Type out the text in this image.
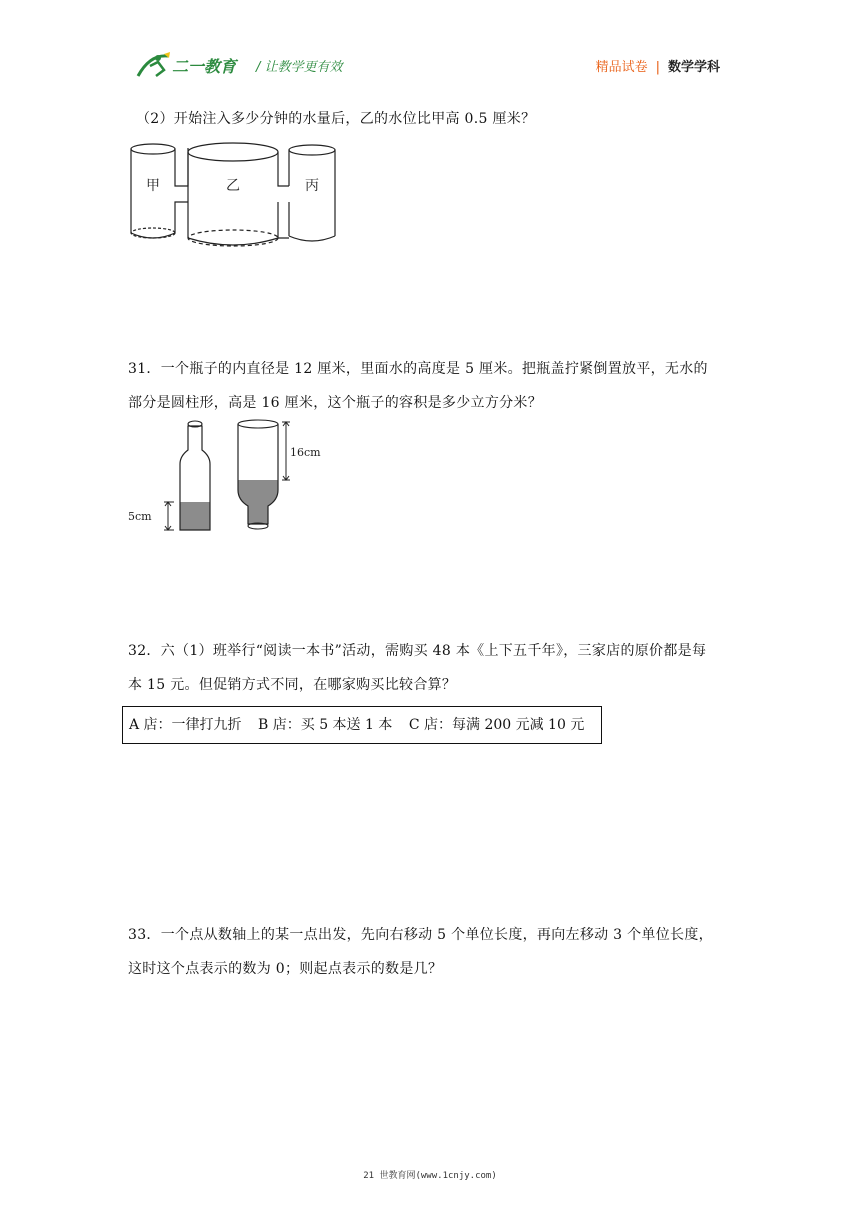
二一教育 / 让教学更有效	精品试卷 | 数学学科
（2）开始注入多少分钟的水量后，乙的水位比甲高 0.5 厘米？
甲	乙	丙
31．一个瓶子的内直径是 12 厘米，里面水的高度是 5 厘米。把瓶盖拧紧倒置放平，无水的
部分是圆柱形，高是 16 厘米，这个瓶子的容积是多少立方分米？
5cm
16cm
32．六（1）班举行“阅读一本书”活动，需购买 48 本《上下五千年》，三家店的原价都是每
本 15 元。但促销方式不同，在哪家购买比较合算？
A 店：一律打九折 B 店：买 5 本送 1 本 C 店：每满 200 元减 10 元
33．一个点从数轴上的某一点出发，先向右移动 5 个单位长度，再向左移动 3 个单位长度，
这时这个点表示的数为 0；则起点表示的数是几？
21 世教育网(www.1cnjy.com)
